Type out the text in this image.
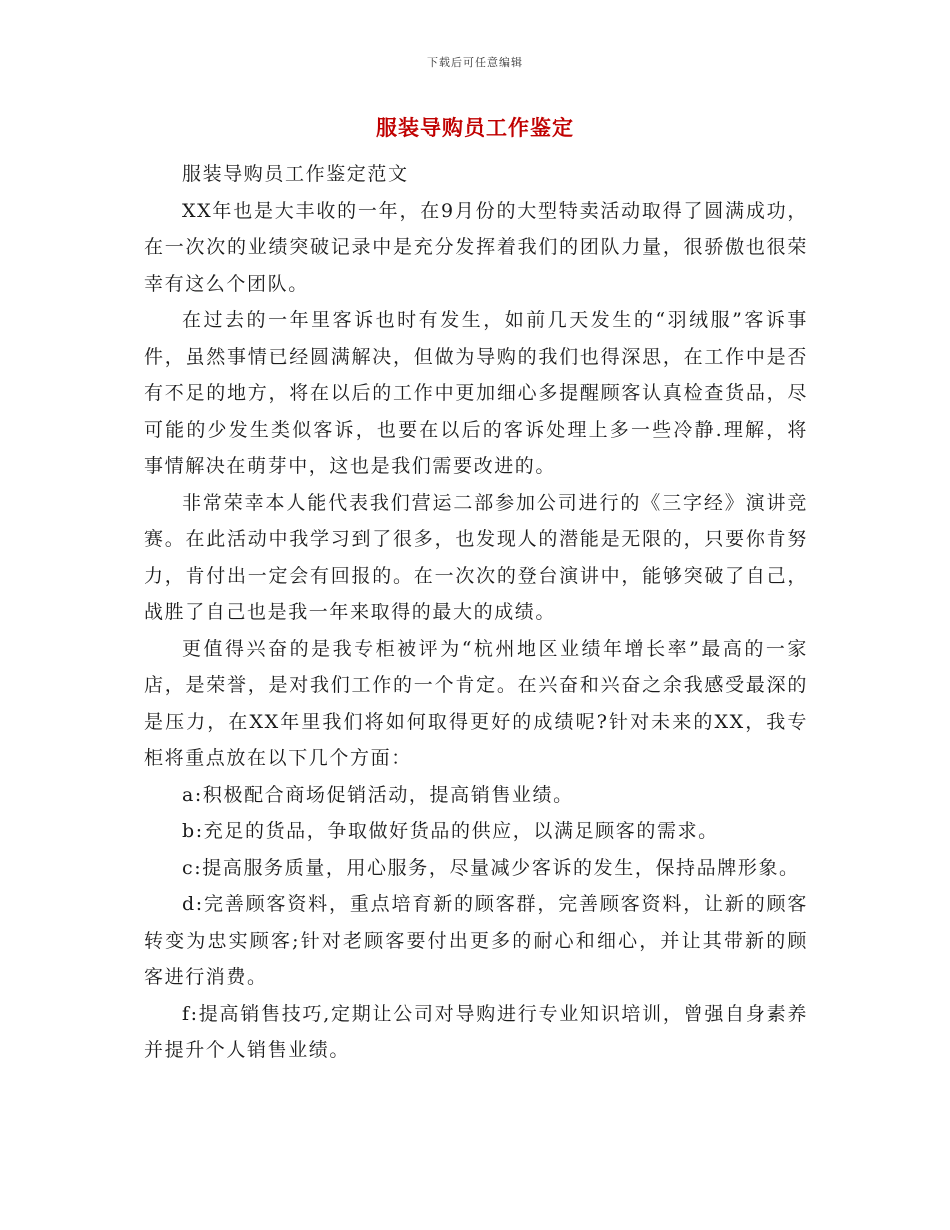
下载后可任意编辑
服装导购员工作鉴定

服装导购员工作鉴定范文

XX年也是大丰收的一年，在9月份的大型特卖活动取得了圆满成功，在一次次的业绩突破记录中是充分发挥着我们的团队力量，很骄傲也很荣幸有这么个团队。

在过去的一年里客诉也时有发生，如前几天发生的“羽绒服”客诉事件，虽然事情已经圆满解决，但做为导购的我们也得深思，在工作中是否有不足的地方，将在以后的工作中更加细心多提醒顾客认真检查货品，尽可能的少发生类似客诉，也要在以后的客诉处理上多一些冷静.理解，将事情解决在萌芽中，这也是我们需要改进的。

非常荣幸本人能代表我们营运二部参加公司进行的《三字经》演讲竞赛。在此活动中我学习到了很多，也发现人的潜能是无限的，只要你肯努力，肯付出一定会有回报的。在一次次的登台演讲中，能够突破了自己，战胜了自己也是我一年来取得的最大的成绩。

更值得兴奋的是我专柜被评为“杭州地区业绩年增长率”最高的一家店，是荣誉，是对我们工作的一个肯定。在兴奋和兴奋之余我感受最深的是压力，在XX年里我们将如何取得更好的成绩呢?针对未来的XX，我专柜将重点放在以下几个方面：

a:积极配合商场促销活动，提高销售业绩。

b:充足的货品，争取做好货品的供应，以满足顾客的需求。

c:提高服务质量，用心服务，尽量减少客诉的发生，保持品牌形象。

d:完善顾客资料，重点培育新的顾客群，完善顾客资料，让新的顾客转变为忠实顾客;针对老顾客要付出更多的耐心和细心，并让其带新的顾客进行消费。

f:提高销售技巧,定期让公司对导购进行专业知识培训，曾强自身素养并提升个人销售业绩。
